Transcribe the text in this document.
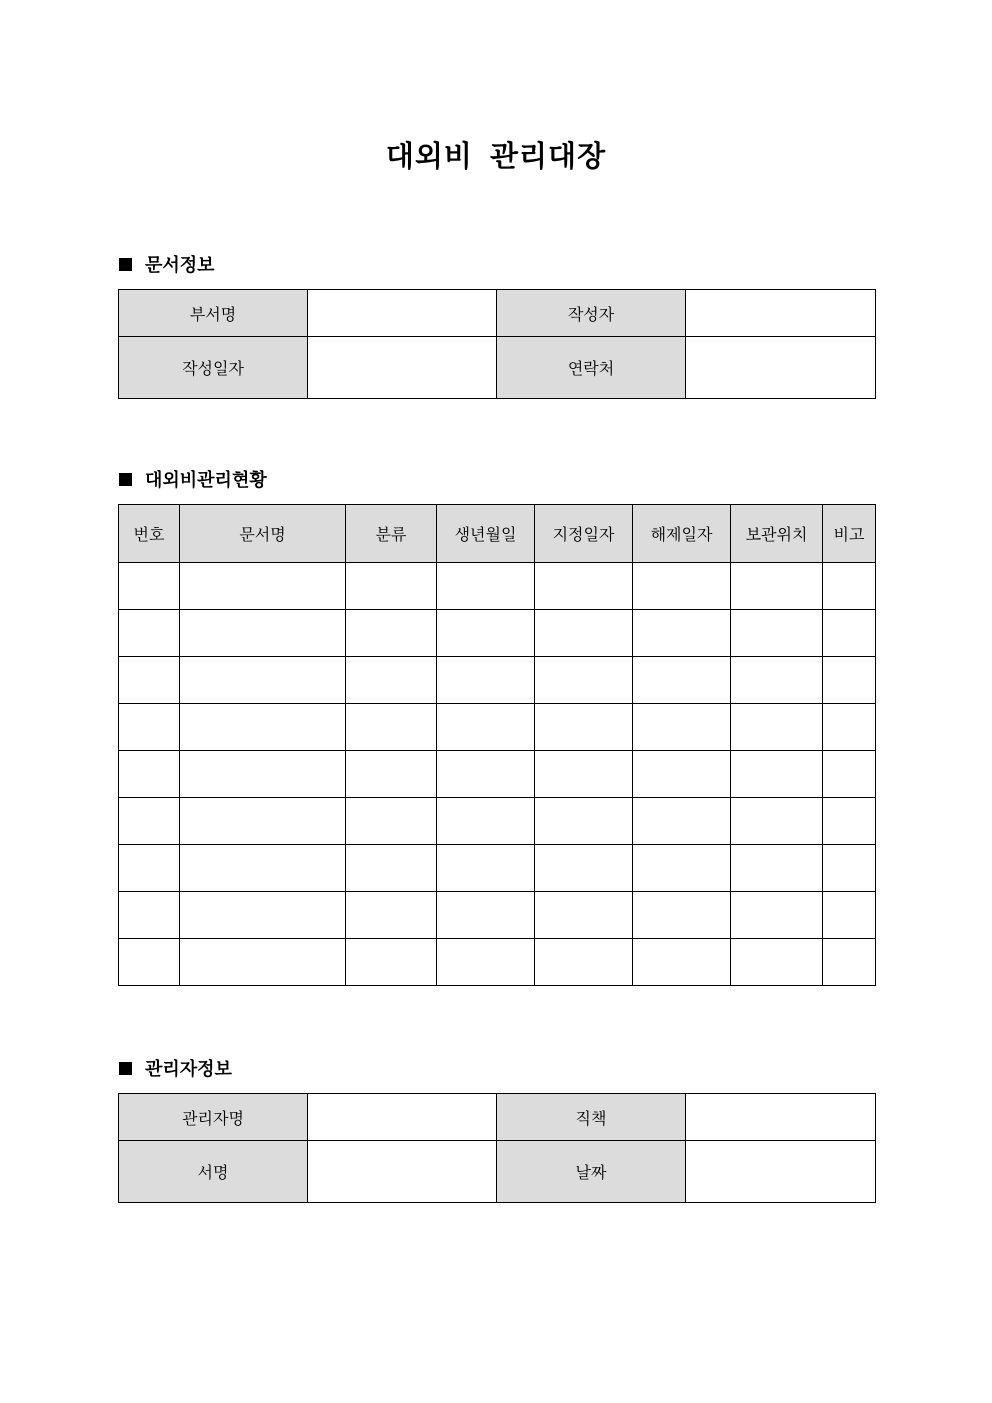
대외비 관리대장
문서정보
부서명		작성자	
작성일자		연락처	
대외비관리현황
번호	문서명	분류	생년월일	지정일자	해제일자	보관위치	비고

관리자정보
관리자명		직책	
서명		날짜	
